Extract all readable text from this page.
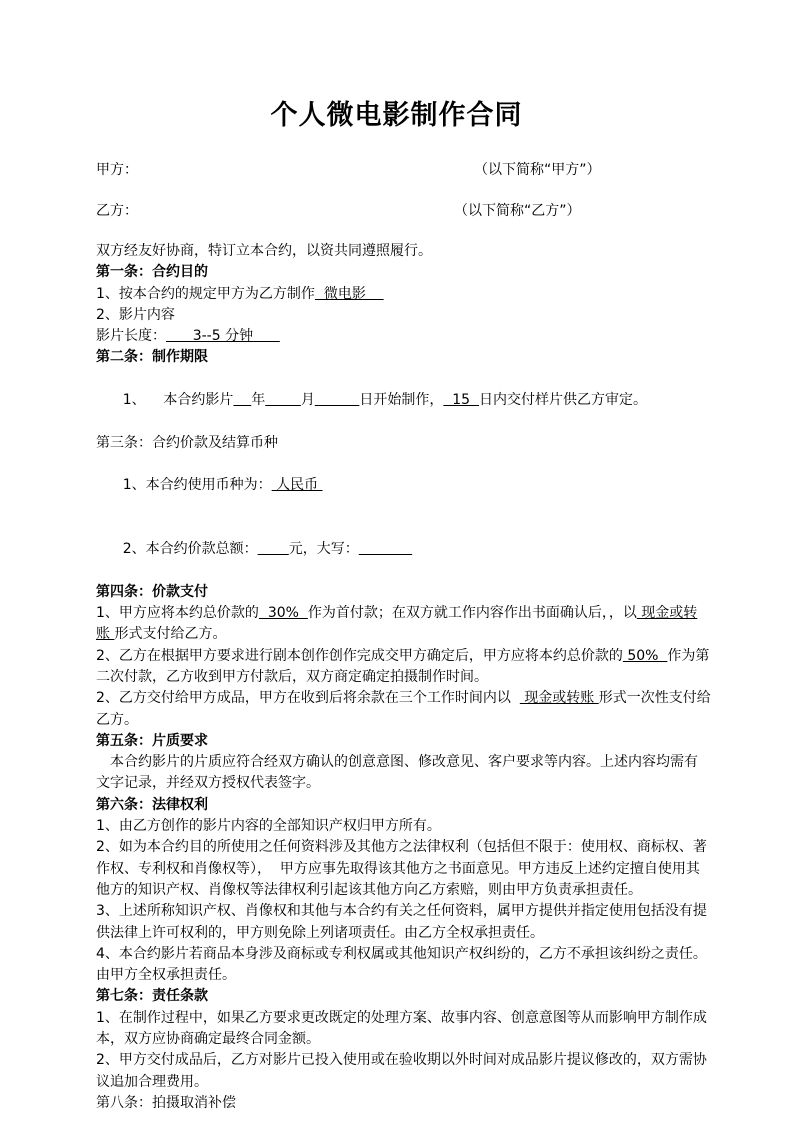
个人微电影制作合同
甲方：	（以下简称“甲方”）
乙方：	（以下简称“乙方”）
双方经友好协商，特订立本合约，以资共同遵照履行。
第一条：合约目的
1、按本合约的规定甲方为乙方制作  微电影
2、影片内容
影片长度：      3--5 分钟
第二条：制作期限

1、    本合约影片 年	月	日开始制作，  15  日内交付样片供乙方审定。

第三条：合约价款及结算币种

1、本合约使用币种为： 人民币

2、本合约价款总额： 元，大写：

第四条：价款支付
1、甲方应将本约总价款的  30%  作为首付款；在双方就工作内容作出书面确认后，，以 现金或转账 形式支付给乙方。
2、乙方在根据甲方要求进行剧本创作创作完成交甲方确定后，甲方应将本约总价款的 50%  作为第二次付款，乙方收到甲方付款后，双方商定确定拍摄制作时间。
2、乙方交付给甲方成品，甲方在收到后将余款在三个工作时间内以   现金或转账 形式一次性支付给乙方。
第五条：片质要求
本合约影片的片质应符合经双方确认的创意意图、修改意见、客户要求等内容。上述内容均需有文字记录，并经双方授权代表签字。
第六条：法律权利
1、由乙方创作的影片内容的全部知识产权归甲方所有。
2、如为本合约目的所使用之任何资料涉及其他方之法律权利（包括但不限于：使用权、商标权、著作权、专利权和肖像权等），  甲方应事先取得该其他方之书面意见。甲方违反上述约定擅自使用其他方的知识产权、肖像权等法律权利引起该其他方向乙方索赔，则由甲方负责承担责任。
3、上述所称知识产权、肖像权和其他与本合约有关之任何资料，属甲方提供并指定使用包括没有提供法律上许可权利的，甲方则免除上列诸项责任。由乙方全权承担责任。
4、本合约影片若商品本身涉及商标或专利权属或其他知识产权纠纷的，乙方不承担该纠纷之责任。由甲方全权承担责任。
第七条：责任条款
1、在制作过程中，如果乙方要求更改既定的处理方案、故事内容、创意意图等从而影响甲方制作成本，双方应协商确定最终合同金额。
2、甲方交付成品后，乙方对影片已投入使用或在验收期以外时间对成品影片提议修改的，双方需协议追加合理费用。
第八条：拍摄取消补偿
